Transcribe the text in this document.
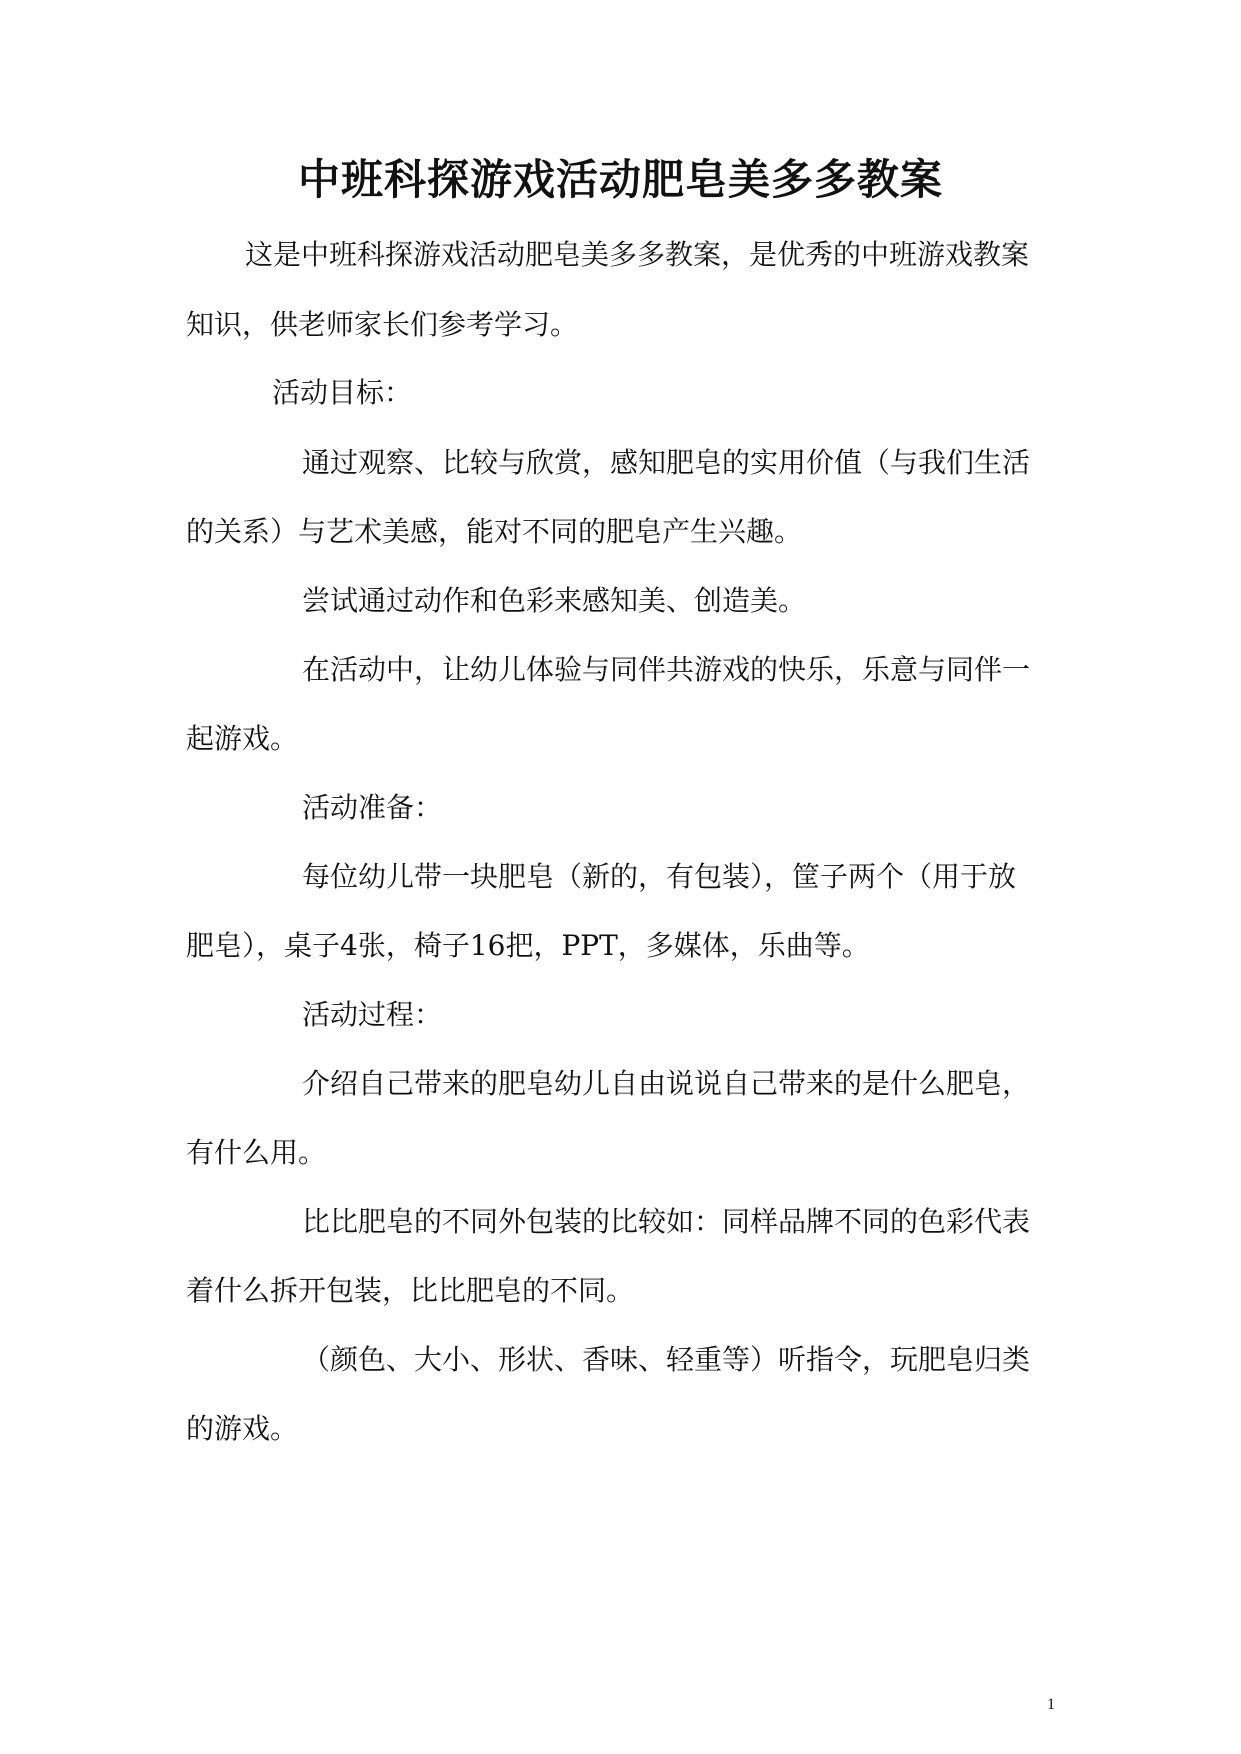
中班科探游戏活动肥皂美多多教案

这是中班科探游戏活动肥皂美多多教案，是优秀的中班游戏教案

知识，供老师家长们参考学习。

活动目标：

通过观察、比较与欣赏，感知肥皂的实用价值（与我们生活

的关系）与艺术美感，能对不同的肥皂产生兴趣。

尝试通过动作和色彩来感知美、创造美。

在活动中，让幼儿体验与同伴共游戏的快乐，乐意与同伴一

起游戏。

活动准备：

每位幼儿带一块肥皂（新的，有包装），筐子两个（用于放

肥皂），桌子4张，椅子16把，PPT，多媒体，乐曲等。

活动过程：

介绍自己带来的肥皂幼儿自由说说自己带来的是什么肥皂，

有什么用。

比比肥皂的不同外包装的比较如：同样品牌不同的色彩代表

着什么拆开包装，比比肥皂的不同。

（颜色、大小、形状、香味、轻重等）听指令，玩肥皂归类

的游戏。

1
